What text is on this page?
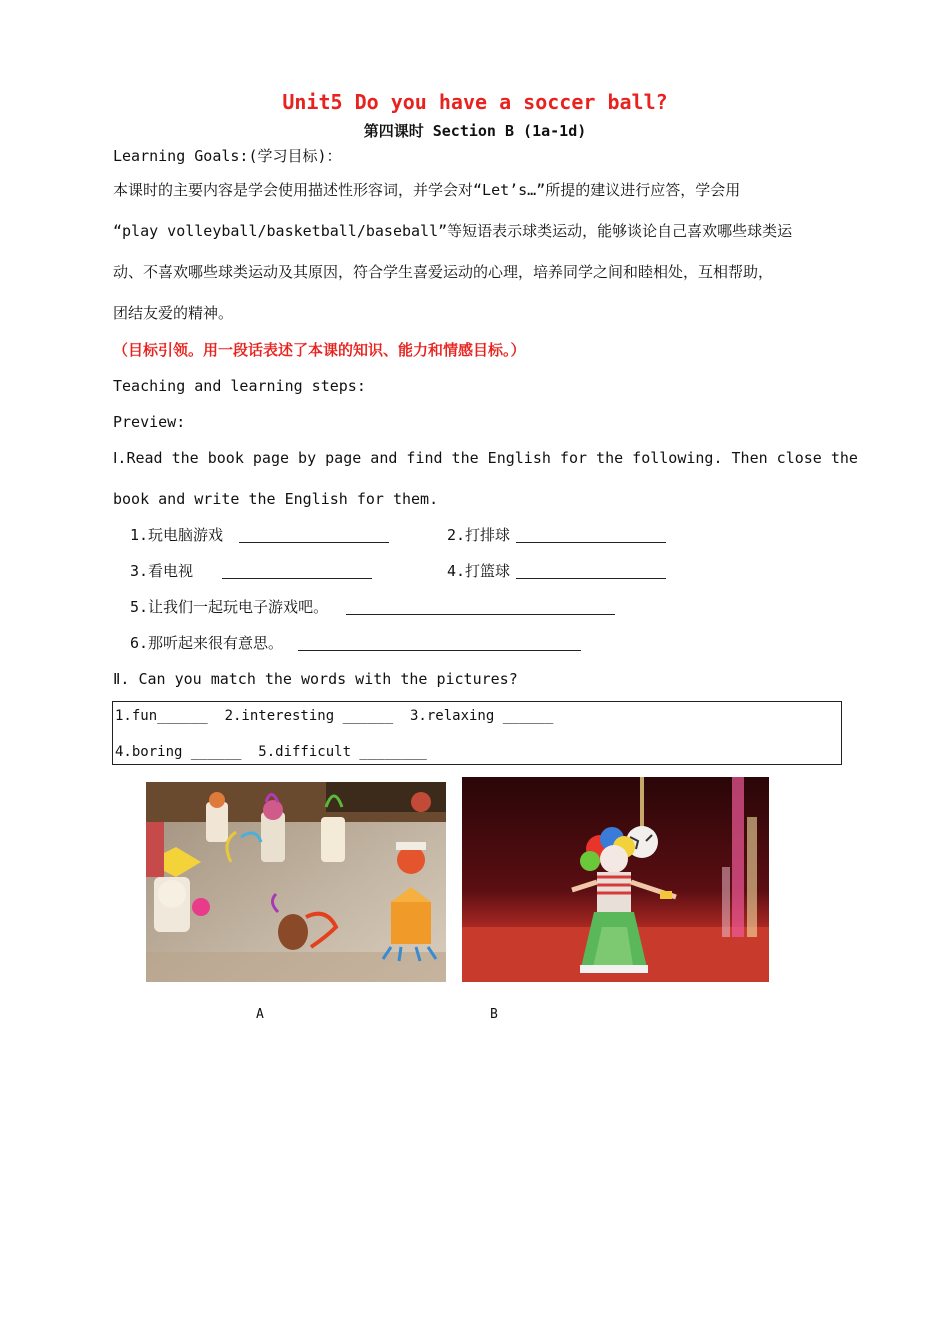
Unit5 Do you have a soccer ball?
第四课时 Section B (1a-1d)
Learning Goals:(学习目标)：
本课时的主要内容是学会使用描述性形容词，并学会对“Let’s…”所提的建议进行应答，学会用
“play volleyball/basketball/baseball”等短语表示球类运动，能够谈论自己喜欢哪些球类运
动、不喜欢哪些球类运动及其原因，符合学生喜爱运动的心理，培养同学之间和睦相处，互相帮助，
团结友爱的精神。
（目标引领。用一段话表述了本课的知识、能力和情感目标。）
Teaching and learning steps:
Preview:
Ⅰ.Read the book page by page and find the English for the following. Then close the
book and write the English for them.
1.玩电脑游戏	2.打排球
3.看电视	4.打篮球
5.让我们一起玩电子游戏吧。
6.那听起来很有意思。
Ⅱ. Can you match the words with the pictures?
1.fun______  2.interesting ______  3.relaxing ______
4.boring ______  5.difficult ________
A	B
